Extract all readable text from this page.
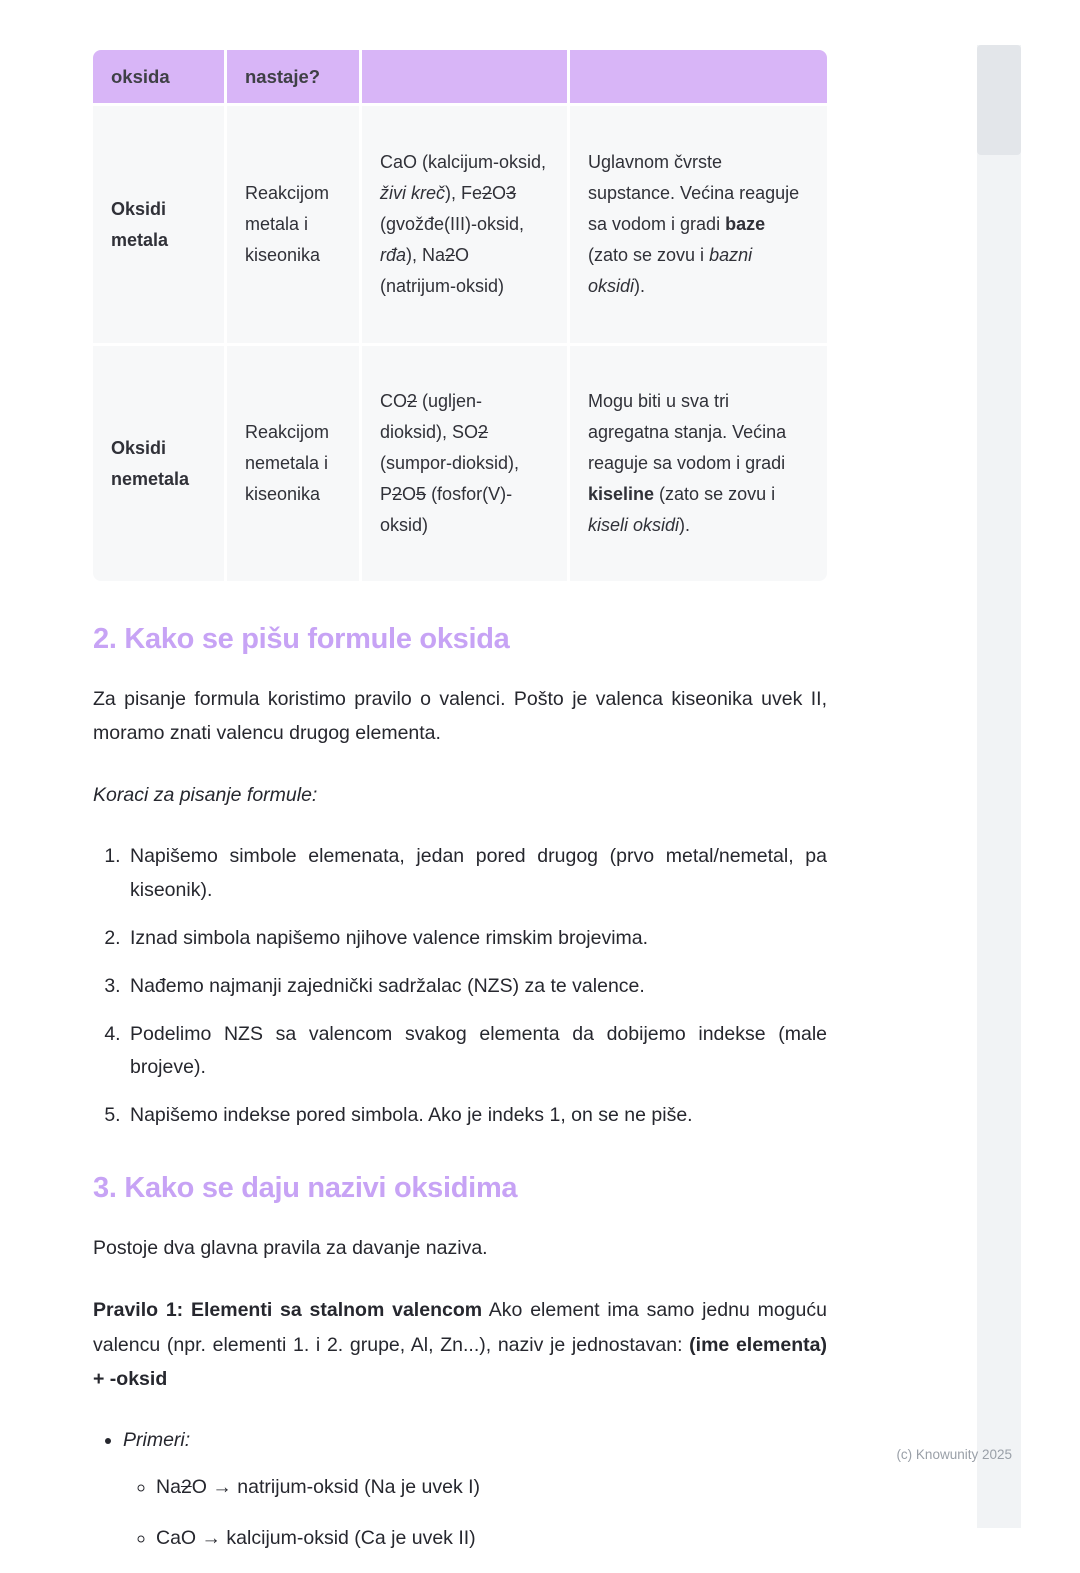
oksida	nastaje?
Oksidi metala
Reakcijom metala i kiseonika
CaO (kalcijum-oksid, živi kreč), Fe2O3 (gvožđe(III)-oksid, rđa), Na2O (natrijum-oksid)
Uglavnom čvrste supstance. Većina reaguje sa vodom i gradi baze (zato se zovu i bazni oksidi).
Oksidi nemetala
Reakcijom nemetala i kiseonika
CO2 (ugljen-dioksid), SO2 (sumpor-dioksid), P2O5 (fosfor(V)-oksid)
Mogu biti u sva tri agregatna stanja. Većina reaguje sa vodom i gradi kiseline (zato se zovu i kiseli oksidi).
2. Kako se pišu formule oksida

Za pisanje formula koristimo pravilo o valenci. Pošto je valenca kiseonika uvek II, moramo znati valencu drugog elementa.

Koraci za pisanje formule:

1. Napišemo simbole elemenata, jedan pored drugog (prvo metal/nemetal, pa kiseonik).
2. Iznad simbola napišemo njihove valence rimskim brojevima.
3. Nađemo najmanji zajednički sadržalac (NZS) za te valence.
4. Podelimo NZS sa valencom svakog elementa da dobijemo indekse (male brojeve).
5. Napišemo indekse pored simbola. Ako je indeks 1, on se ne piše.
3. Kako se daju nazivi oksidima

Postoje dva glavna pravila za davanje naziva.

Pravilo 1: Elementi sa stalnom valencom Ako element ima samo jednu moguću valencu (npr. elementi 1. i 2. grupe, Al, Zn...), naziv je jednostavan: (ime elementa) + -oksid

• Primeri:
◦ Na2O → natrijum-oksid (Na je uvek I)
◦ CaO → kalcijum-oksid (Ca je uvek II)
(c) Knowunity 2025
